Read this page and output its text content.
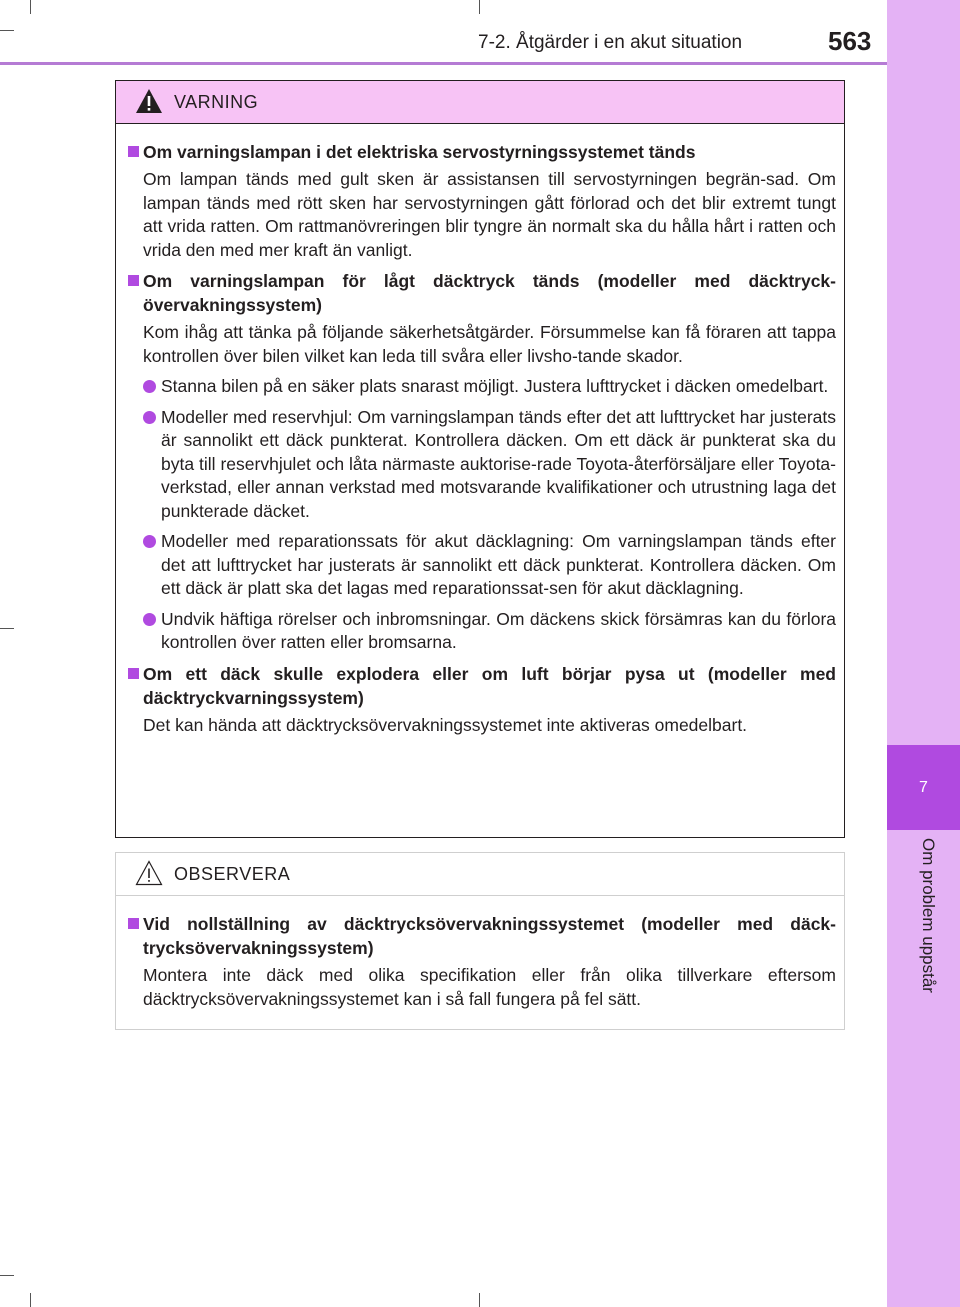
7-2. Åtgärder i en akut situation	563
7
Om problem uppstår
VARNING
Om varningslampan i det elektriska servostyrningssystemet tänds
Om lampan tänds med gult sken är assistansen till servostyrningen begrän-sad. Om lampan tänds med rött sken har servostyrningen gått förlorad och det blir extremt tungt att vrida ratten. Om rattmanövreringen blir tyngre än normalt ska du hålla hårt i ratten och vrida den med mer kraft än vanligt.
Om varningslampan för lågt däcktryck tänds (modeller med däcktryck-övervakningssystem)
Kom ihåg att tänka på följande säkerhetsåtgärder. Försummelse kan få föraren att tappa kontrollen över bilen vilket kan leda till svåra eller livsho-tande skador.
Stanna bilen på en säker plats snarast möjligt. Justera lufttrycket i däcken omedelbart.
Modeller med reservhjul: Om varningslampan tänds efter det att lufttrycket har justerats är sannolikt ett däck punkterat. Kontrollera däcken. Om ett däck är punkterat ska du byta till reservhjulet och låta närmaste auktorise-rade Toyota-återförsäljare eller Toyota-verkstad, eller annan verkstad med motsvarande kvalifikationer och utrustning laga det punkterade däcket.
Modeller med reparationssats för akut däcklagning: Om varningslampan tänds efter det att lufttrycket har justerats är sannolikt ett däck punkterat. Kontrollera däcken. Om ett däck är platt ska det lagas med reparationssat-sen för akut däcklagning.
Undvik häftiga rörelser och inbromsningar. Om däckens skick försämras kan du förlora kontrollen över ratten eller bromsarna.
Om ett däck skulle explodera eller om luft börjar pysa ut (modeller med däcktryckvarningssystem)
Det kan hända att däcktrycksövervakningssystemet inte aktiveras omedelbart.
OBSERVERA
Vid nollställning av däcktrycksövervakningssystemet (modeller med däck-trycksövervakningssystem)
Montera inte däck med olika specifikation eller från olika tillverkare eftersom däcktrycksövervakningssystemet kan i så fall fungera på fel sätt.
